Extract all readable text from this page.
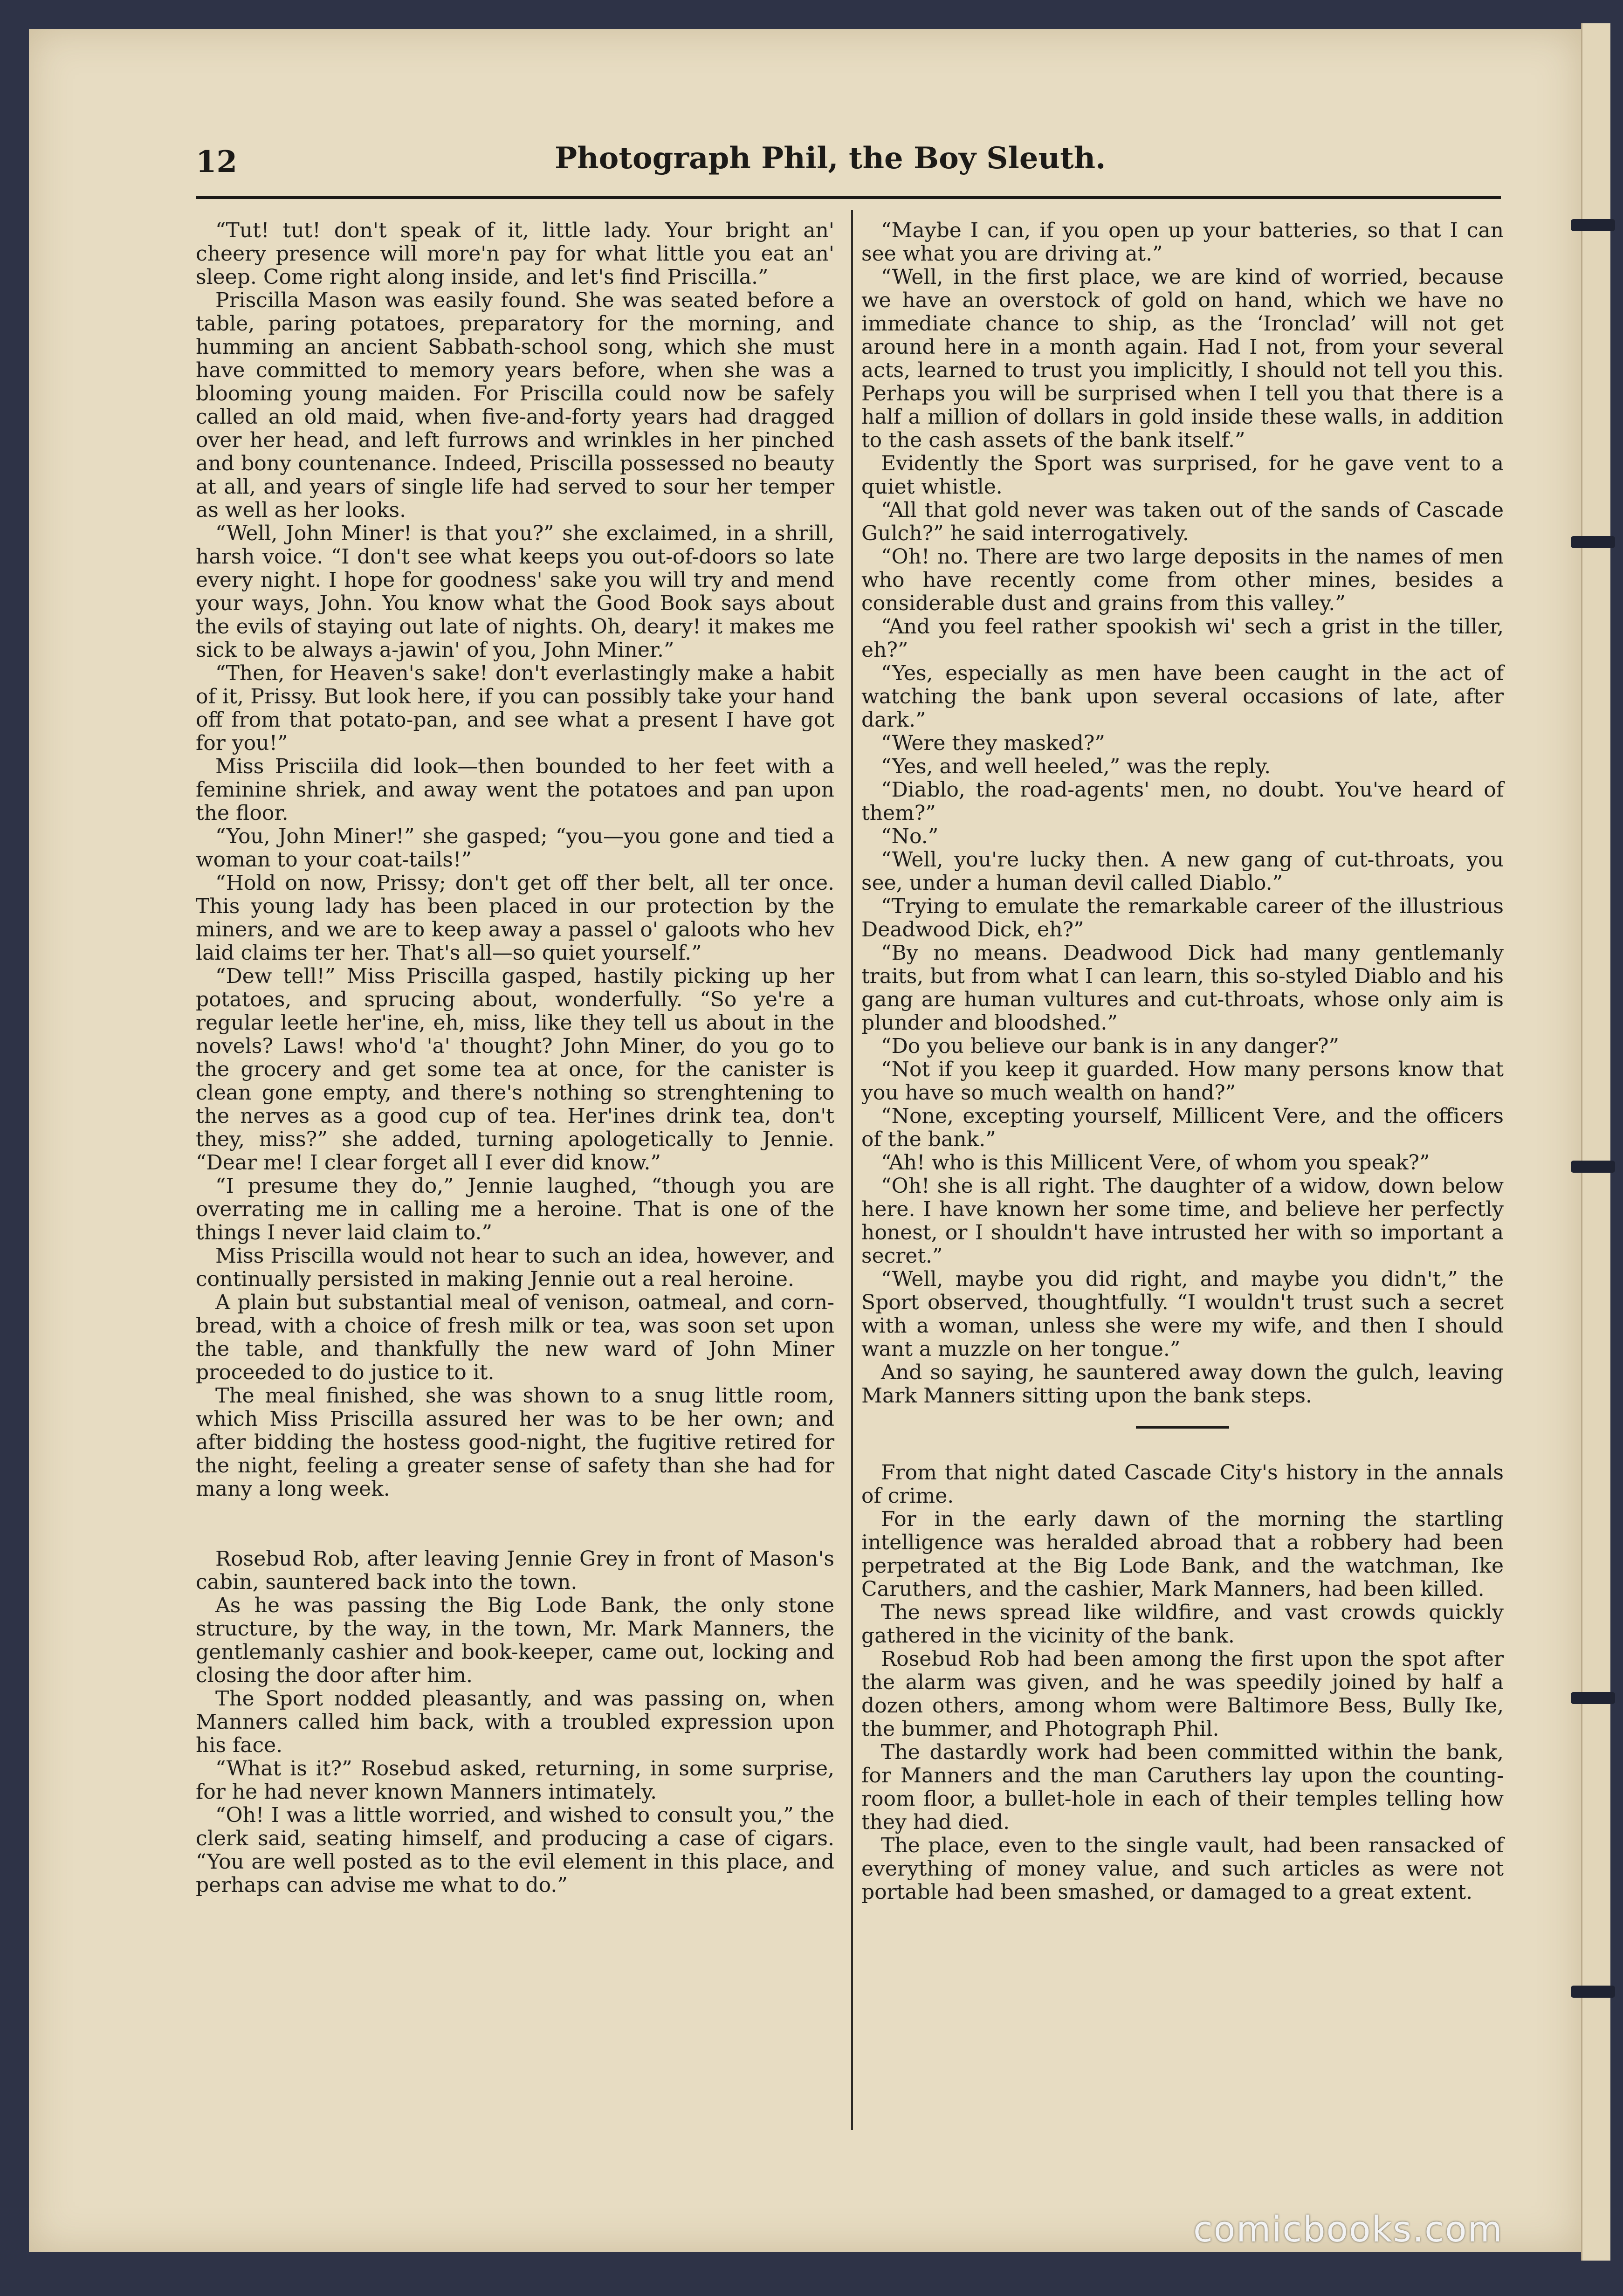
12	Photograph Phil, the Boy Sleuth.

“Tut! tut! don't speak of it, little lady. Your bright an' cheery presence will more'n pay for what little you eat an' sleep. Come right along inside, and let's find Priscilla.”

Priscilla Mason was easily found. She was seated before a table, paring potatoes, preparatory for the morning, and humming an ancient Sabbath-school song, which she must have committed to memory years before, when she was a blooming young maiden. For Priscilla could now be safely called an old maid, when five-and-forty years had dragged over her head, and left furrows and wrinkles in her pinched and bony countenance. Indeed, Priscilla possessed no beauty at all, and years of single life had served to sour her temper as well as her looks.

“Well, John Miner! is that you?” she exclaimed, in a shrill, harsh voice. “I don't see what keeps you out-of-doors so late every night. I hope for goodness' sake you will try and mend your ways, John. You know what the Good Book says about the evils of staying out late of nights. Oh, deary! it makes me sick to be always a-jawin' of you, John Miner.”

“Then, for Heaven's sake! don't everlastingly make a habit of it, Prissy. But look here, if you can possibly take your hand off from that potato-pan, and see what a present I have got for you!”

Miss Prisciila did look—then bounded to her feet with a feminine shriek, and away went the potatoes and pan upon the floor.

“You, John Miner!” she gasped; “you—you gone and tied a woman to your coat-tails!”

“Hold on now, Prissy; don't get off ther belt, all ter once. This young lady has been placed in our protection by the miners, and we are to keep away a passel o' galoots who hev laid claims ter her. That's all—so quiet yourself.”

“Dew tell!” Miss Priscilla gasped, hastily picking up her potatoes, and sprucing about, wonderfully. “So ye're a regular leetle her'ine, eh, miss, like they tell us about in the novels? Laws! who'd 'a' thought? John Miner, do you go to the grocery and get some tea at once, for the canister is clean gone empty, and there's nothing so strenghtening to the nerves as a good cup of tea. Her'ines drink tea, don't they, miss?” she added, turning apologetically to Jennie. “Dear me! I clear forget all I ever did know.”

“I presume they do,” Jennie laughed, “though you are overrating me in calling me a heroine. That is one of the things I never laid claim to.”

Miss Priscilla would not hear to such an idea, however, and continually persisted in making Jennie out a real heroine.

A plain but substantial meal of venison, oatmeal, and corn-bread, with a choice of fresh milk or tea, was soon set upon the table, and thankfully the new ward of John Miner proceeded to do justice to it.

The meal finished, she was shown to a snug little room, which Miss Priscilla assured her was to be her own; and after bidding the hostess good-night, the fugitive retired for the night, feeling a greater sense of safety than she had for many a long week.

Rosebud Rob, after leaving Jennie Grey in front of Mason's cabin, sauntered back into the town.

As he was passing the Big Lode Bank, the only stone structure, by the way, in the town, Mr. Mark Manners, the gentlemanly cashier and book-keeper, came out, locking and closing the door after him.

The Sport nodded pleasantly, and was passing on, when Manners called him back, with a troubled expression upon his face.

“What is it?” Rosebud asked, returning, in some surprise, for he had never known Manners intimately.

“Oh! I was a little worried, and wished to consult you,” the clerk said, seating himself, and producing a case of cigars. “You are well posted as to the evil element in this place, and perhaps can advise me what to do.”

“Maybe I can, if you open up your batteries, so that I can see what you are driving at.”

“Well, in the first place, we are kind of worried, because we have an overstock of gold on hand, which we have no immediate chance to ship, as the ‘Ironclad’ will not get around here in a month again. Had I not, from your several acts, learned to trust you implicitly, I should not tell you this. Perhaps you will be surprised when I tell you that there is a half a million of dollars in gold inside these walls, in addition to the cash assets of the bank itself.”

Evidently the Sport was surprised, for he gave vent to a quiet whistle.

“All that gold never was taken out of the sands of Cascade Gulch?” he said interrogatively.

“Oh! no. There are two large deposits in the names of men who have recently come from other mines, besides a considerable dust and grains from this valley.”

“And you feel rather spookish wi' sech a grist in the tiller, eh?”

“Yes, especially as men have been caught in the act of watching the bank upon several occasions of late, after dark.”

“Were they masked?”

“Yes, and well heeled,” was the reply.

“Diablo, the road-agents' men, no doubt. You've heard of them?”

“No.”

“Well, you're lucky then. A new gang of cut-throats, you see, under a human devil called Diablo.”

“Trying to emulate the remarkable career of the illustrious Deadwood Dick, eh?”

“By no means. Deadwood Dick had many gentlemanly traits, but from what I can learn, this so-styled Diablo and his gang are human vultures and cut-throats, whose only aim is plunder and bloodshed.”

“Do you believe our bank is in any danger?”

“Not if you keep it guarded. How many persons know that you have so much wealth on hand?”

“None, excepting yourself, Millicent Vere, and the officers of the bank.”

“Ah! who is this Millicent Vere, of whom you speak?”

“Oh! she is all right. The daughter of a widow, down below here. I have known her some time, and believe her perfectly honest, or I shouldn't have intrusted her with so important a secret.”

“Well, maybe you did right, and maybe you didn't,” the Sport observed, thoughtfully. “I wouldn't trust such a secret with a woman, unless she were my wife, and then I should want a muzzle on her tongue.”

And so saying, he sauntered away down the gulch, leaving Mark Manners sitting upon the bank steps.

From that night dated Cascade City's history in the annals of crime.

For in the early dawn of the morning the startling intelligence was heralded abroad that a robbery had been perpetrated at the Big Lode Bank, and the watchman, Ike Caruthers, and the cashier, Mark Manners, had been killed.

The news spread like wildfire, and vast crowds quickly gathered in the vicinity of the bank.

Rosebud Rob had been among the first upon the spot after the alarm was given, and he was speedily joined by half a dozen others, among whom were Baltimore Bess, Bully Ike, the bummer, and Photograph Phil.

The dastardly work had been committed within the bank, for Manners and the man Caruthers lay upon the counting-room floor, a bullet-hole in each of their temples telling how they had died.

The place, even to the single vault, had been ransacked of everything of money value, and such articles as were not portable had been smashed, or damaged to a great extent.

comicbooks.com
